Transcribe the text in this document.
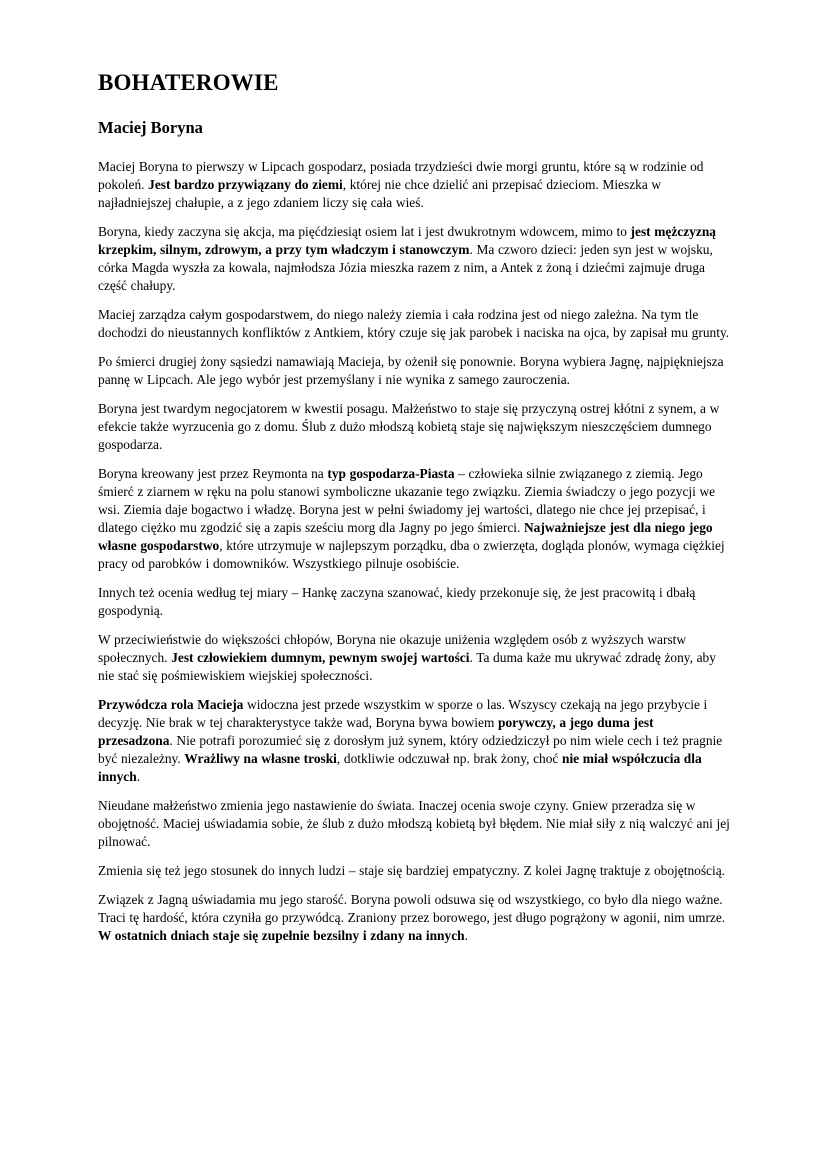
BOHATEROWIE
Maciej Boryna

Maciej Boryna to pierwszy w Lipcach gospodarz, posiada trzydzieści dwie morgi gruntu, które są w rodzinie od pokoleń. Jest bardzo przywiązany do ziemi, której nie chce dzielić ani przepisać dzieciom. Mieszka w najładniejszej chałupie, a z jego zdaniem liczy się cała wieś.

Boryna, kiedy zaczyna się akcja, ma pięćdziesiąt osiem lat i jest dwukrotnym wdowcem, mimo to jest mężczyzną krzepkim, silnym, zdrowym, a przy tym władczym i stanowczym. Ma czworo dzieci: jeden syn jest w wojsku, córka Magda wyszła za kowala, najmłodsza Józia mieszka razem z nim, a Antek z żoną i dziećmi zajmuje druga część chałupy.

Maciej zarządza całym gospodarstwem, do niego należy ziemia i cała rodzina jest od niego zależna. Na tym tle dochodzi do nieustannych konfliktów z Antkiem, który czuje się jak parobek i naciska na ojca, by zapisał mu grunty.

Po śmierci drugiej żony sąsiedzi namawiają Macieja, by ożenił się ponownie. Boryna wybiera Jagnę, najpiękniejsza pannę w Lipcach. Ale jego wybór jest przemyślany i nie wynika z samego zauroczenia.

Boryna jest twardym negocjatorem w kwestii posagu. Małżeństwo to staje się przyczyną ostrej kłótni z synem, a w efekcie także wyrzucenia go z domu. Ślub z dużo młodszą kobietą staje się największym nieszczęściem dumnego gospodarza.

Boryna kreowany jest przez Reymonta na typ gospodarza-Piasta – człowieka silnie związanego z ziemią. Jego śmierć z ziarnem w ręku na polu stanowi symboliczne ukazanie tego związku. Ziemia świadczy o jego pozycji we wsi. Ziemia daje bogactwo i władzę. Boryna jest w pełni świadomy jej wartości, dlatego nie chce jej przepisać, i dlatego ciężko mu zgodzić się a zapis sześciu morg dla Jagny po jego śmierci. Najważniejsze jest dla niego jego własne gospodarstwo, które utrzymuje w najlepszym porządku, dba o zwierzęta, dogląda plonów, wymaga ciężkiej pracy od parobków i domowników. Wszystkiego pilnuje osobiście.

Innych też ocenia według tej miary – Hankę zaczyna szanować, kiedy przekonuje się, że jest pracowitą i dbałą gospodynią.

W przeciwieństwie do większości chłopów, Boryna nie okazuje uniżenia względem osób z wyższych warstw społecznych. Jest człowiekiem dumnym, pewnym swojej wartości. Ta duma każe mu ukrywać zdradę żony, aby nie stać się pośmiewiskiem wiejskiej społeczności.

Przywódcza rola Macieja widoczna jest przede wszystkim w sporze o las. Wszyscy czekają na jego przybycie i decyzję. Nie brak w tej charakterystyce także wad, Boryna bywa bowiem porywczy, a jego duma jest przesadzona. Nie potrafi porozumieć się z dorosłym już synem, który odziedziczył po nim wiele cech i też pragnie być niezależny. Wrażliwy na własne troski, dotkliwie odczuwał np. brak żony, choć nie miał współczucia dla innych.

Nieudane małżeństwo zmienia jego nastawienie do świata. Inaczej ocenia swoje czyny. Gniew przeradza się w obojętność. Maciej uświadamia sobie, że ślub z dużo młodszą kobietą był błędem. Nie miał siły z nią walczyć ani jej pilnować.

Zmienia się też jego stosunek do innych ludzi – staje się bardziej empatyczny. Z kolei Jagnę traktuje z obojętnością.

Związek z Jagną uświadamia mu jego starość. Boryna powoli odsuwa się od wszystkiego, co było dla niego ważne. Traci tę hardość, która czyniła go przywódcą. Zraniony przez borowego, jest długo pogrążony w agonii, nim umrze. W ostatnich dniach staje się zupełnie bezsilny i zdany na innych.
